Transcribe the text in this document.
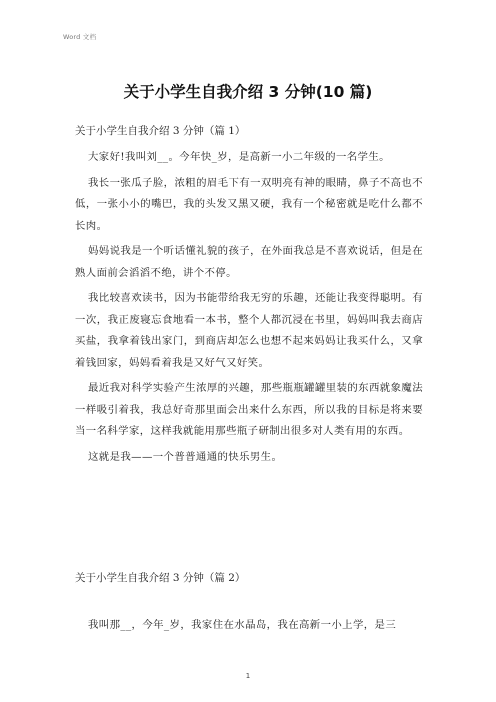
Word 文档
关于小学生自我介绍 3 分钟(10 篇)
关于小学生自我介绍 3 分钟（篇 1）

大家好!我叫刘__。今年快_岁，是高新一小二年级的一名学生。

我长一张瓜子脸，浓粗的眉毛下有一双明亮有神的眼睛，鼻子不高也不低，一张小小的嘴巴，我的头发又黑又硬，我有一个秘密就是吃什么都不长肉。

妈妈说我是一个听话懂礼貌的孩子，在外面我总是不喜欢说话，但是在熟人面前会滔滔不绝，讲个不停。

我比较喜欢读书，因为书能带给我无穷的乐趣，还能让我变得聪明。有一次，我正废寝忘食地看一本书，整个人都沉浸在书里，妈妈叫我去商店买盐，我拿着钱出家门，到商店却怎么也想不起来妈妈让我买什么，又拿着钱回家，妈妈看着我是又好气又好笑。

最近我对科学实验产生浓厚的兴趣，那些瓶瓶罐罐里装的东西就象魔法一样吸引着我，我总好奇那里面会出来什么东西，所以我的目标是将来要当一名科学家，这样我就能用那些瓶子研制出很多对人类有用的东西。

这就是我——一个普普通通的快乐男生。

关于小学生自我介绍 3 分钟（篇 2）

我叫那__，今年_岁，我家住在水晶岛，我在高新一小上学，是三

1
